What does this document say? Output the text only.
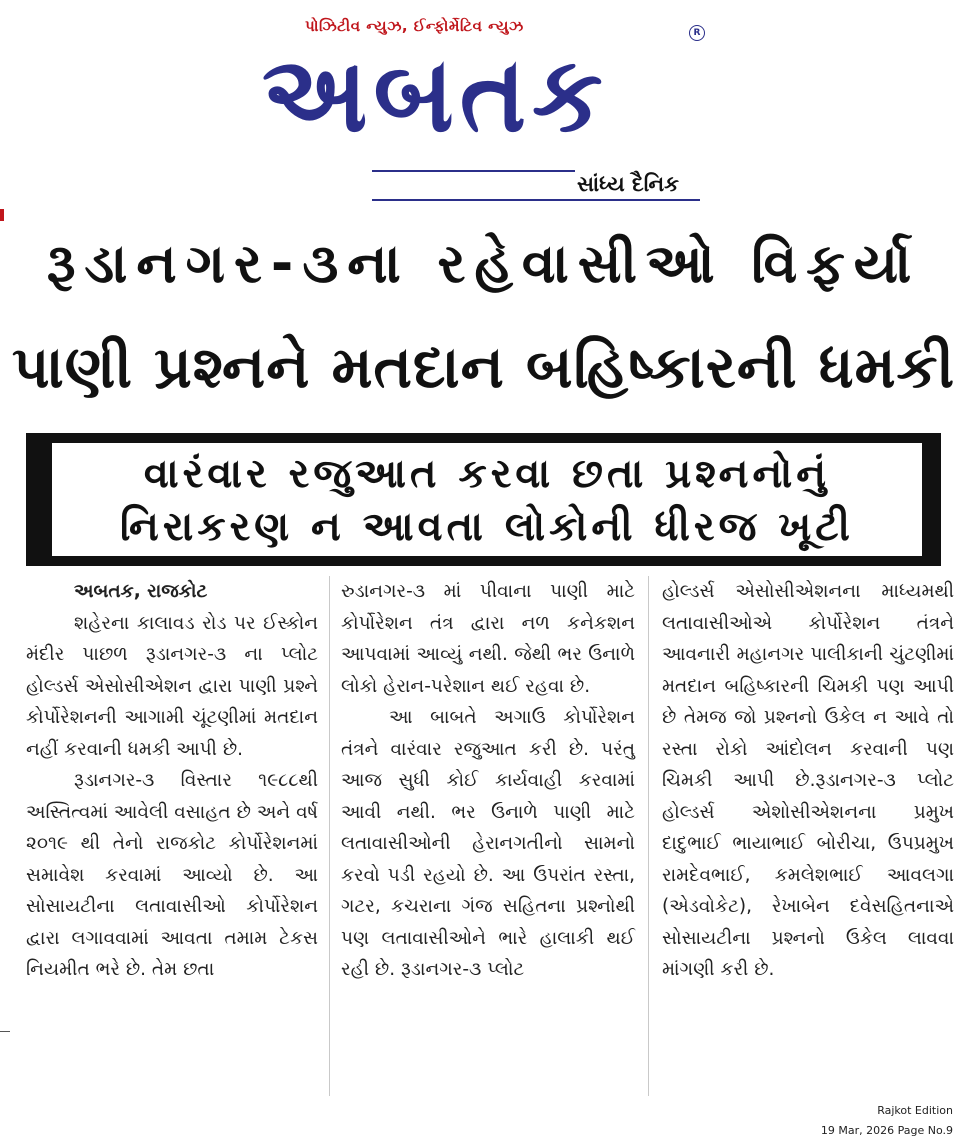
પોઝિટીવ ન્યુઝ, ઈન્ફોર્મેટિવ ન્યુઝ	R
અબતક
સાંધ્ય દૈનિક
રૂડાનગર-૩ના રહેવાસીઓ વિફર્યા
પાણી પ્રશ્નને મતદાન બહિષ્કારની ધમકી
વારંવાર રજુઆત કરવા છતા પ્રશ્નનોનું
નિરાકરણ ન આવતા લોકોની ધીરજ ખૂટી

અબતક, રાજકોટ

શહેરના કાલાવડ રોડ પર ઈસ્કોન મંદીર પાછળ રૂડાનગર-૩ ના પ્લોટ હોલ્ડર્સ એસોસીએશન દ્વારા પાણી પ્રશ્ને કોર્પોરેશનની આગામી ચૂંટણીમાં મતદાન નહીં કરવાની ધમકી આપી છે.

રૂડાનગર-૩ વિસ્તાર ૧૯૮૮થી અસ્તિત્વમાં આવેલી વસાહત છે અને વર્ષ ૨૦૧૯ થી તેનો રાજકોટ કોર્પોરેશનમાં સમાવેશ કરવામાં આવ્યો છે. આ સોસાયટીના લતાવાસીઓ કોર્પોરેશન દ્વારા લગાવવામાં આવતા તમામ ટેકસ નિયમીત ભરે છે. તેમ છતા

રુડાનગર-૩ માં પીવાના પાણી માટે કોર્પોરેશન તંત્ર દ્વારા નળ કનેકશન આપવામાં આવ્યું નથી. જેથી ભર ઉનાળે લોકો હેરાન-પરેશાન થઈ રહવા છે.

આ બાબતે અગાઉ કોર્પોરેશન તંત્રને વારંવાર રજુઆત કરી છે. પરંતુ આજ સુધી કોઈ કાર્યવાહી કરવામાં આવી નથી. ભર ઉનાળે પાણી માટે લતાવાસીઓની હેરાનગતીનો સામનો કરવો પડી રહયો છે. આ ઉપરાંત રસ્તા, ગટર, કચરાના ગંજ સહિતના પ્રશ્નોથી પણ લતાવાસીઓને ભારે હાલાકી થઈ રહી છે. રૂડાનગર-૩ પ્લોટ

હોલ્ડર્સ એસોસીએશનના માધ્યમથી લતાવાસીઓએ કોર્પોરેશન તંત્રને આવનારી મહાનગર પાલીકાની ચુંટણીમાં મતદાન બહિષ્કારની ચિમકી પણ આપી છે તેમજ જો પ્રશ્નનો ઉકેલ ન આવે તો રસ્તા રોકો આંદોલન કરવાની પણ ચિમકી આપી છે.રૂડાનગર-૩ પ્લોટ હોલ્ડર્સ એશોસીએશનના પ્રમુખ દાદુભાઈ ભાયાભાઈ બોરીચા, ઉપપ્રમુખ રામદેવભાઈ, કમલેશભાઈ આવલગા (એડવોકેટ), રેખાબેન દવેસહિતનાએ સોસાયટીના પ્રશ્નનો ઉકેલ લાવવા માંગણી કરી છે.

Rajkot Edition
19 Mar, 2026 Page No.9
